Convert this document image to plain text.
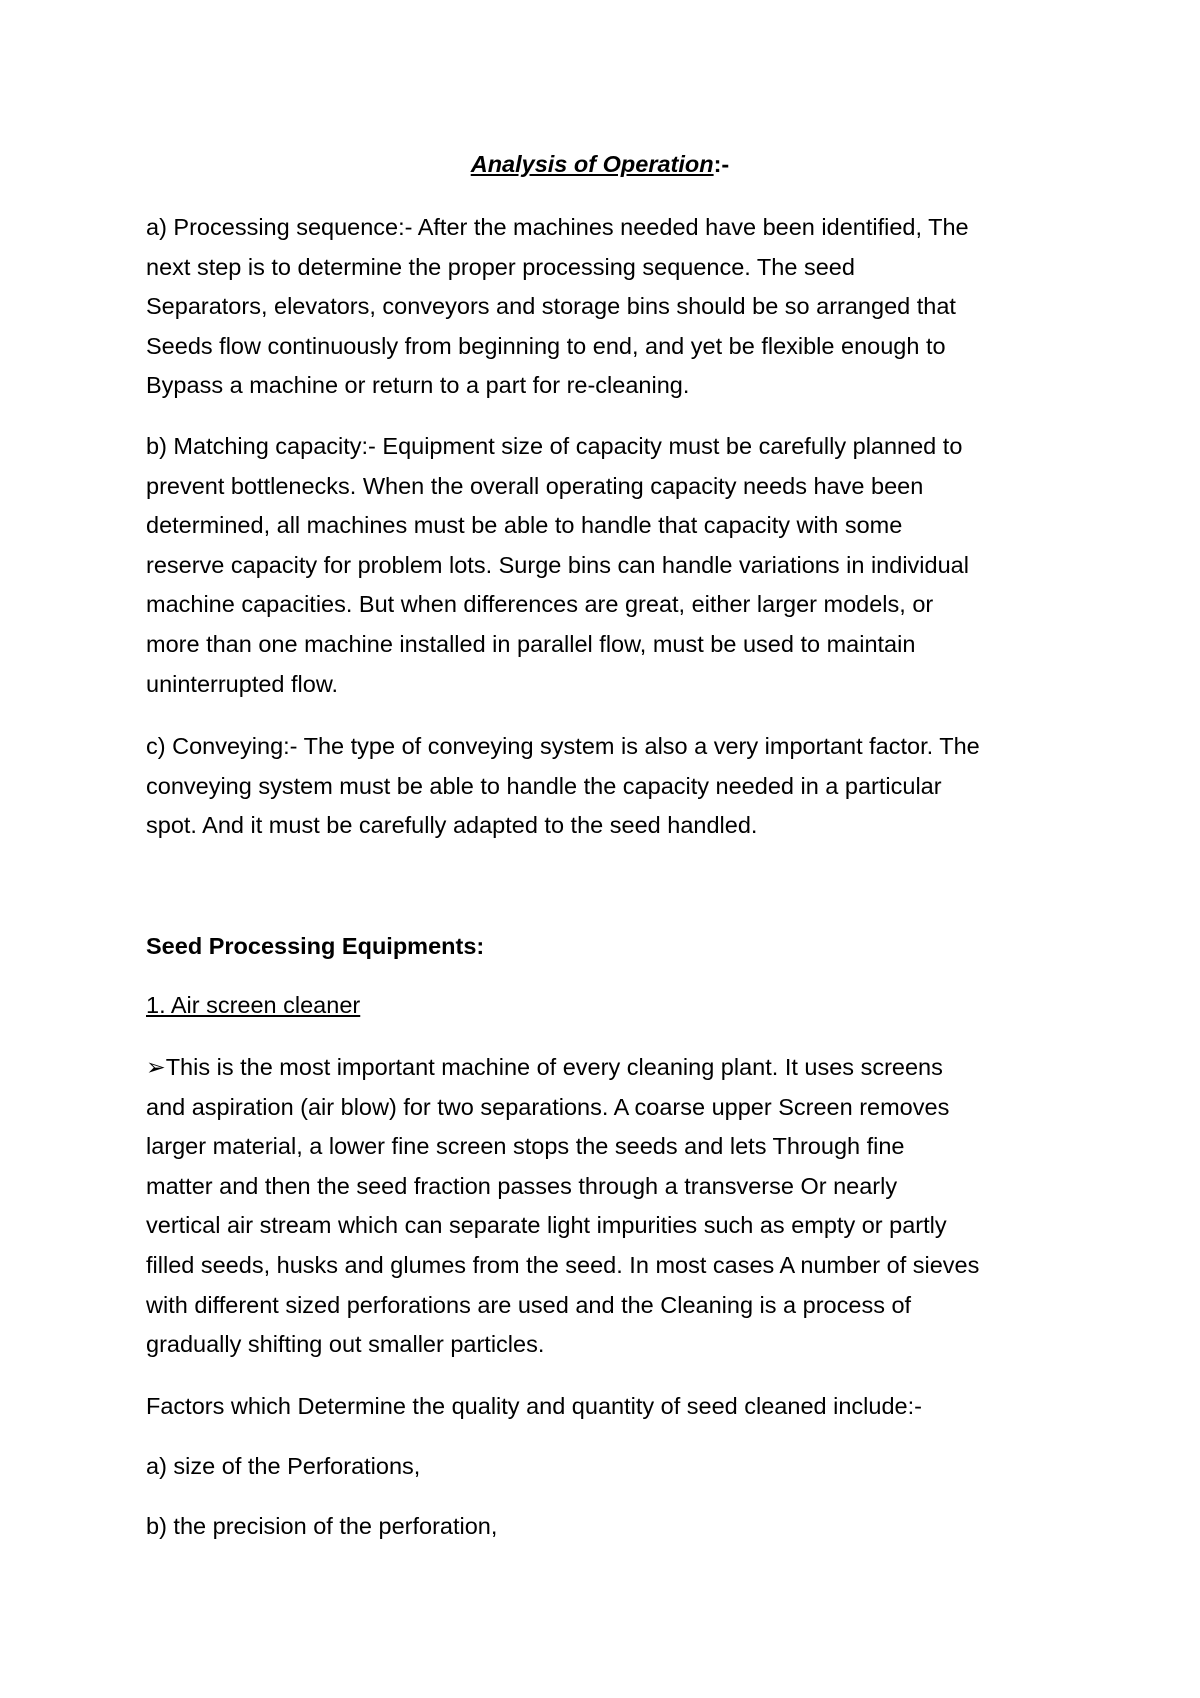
Analysis of Operation:-
a) Processing sequence:- After the machines needed have been identified, The
next step is to determine the proper processing sequence. The seed
Separators, elevators, conveyors and storage bins should be so arranged that
Seeds flow continuously from beginning to end, and yet be flexible enough to
Bypass a machine or return to a part for re-cleaning.
b) Matching capacity:- Equipment size of capacity must be carefully planned to
prevent bottlenecks. When the overall operating capacity needs have been
determined, all machines must be able to handle that capacity with some
reserve capacity for problem lots. Surge bins can handle variations in individual
machine capacities. But when differences are great, either larger models, or
more than one machine installed in parallel flow, must be used to maintain
uninterrupted flow.
c) Conveying:- The type of conveying system is also a very important factor. The
conveying system must be able to handle the capacity needed in a particular
spot. And it must be carefully adapted to the seed handled.
Seed Processing Equipments:
1. Air screen cleaner
➢This is the most important machine of every cleaning plant. It uses screens
and aspiration (air blow) for two separations. A coarse upper Screen removes
larger material, a lower fine screen stops the seeds and lets Through fine
matter and then the seed fraction passes through a transverse Or nearly
vertical air stream which can separate light impurities such as empty or partly
filled seeds, husks and glumes from the seed. In most cases A number of sieves
with different sized perforations are used and the Cleaning is a process of
gradually shifting out smaller particles.
Factors which Determine the quality and quantity of seed cleaned include:-
a) size of the Perforations,
b) the precision of the perforation,
